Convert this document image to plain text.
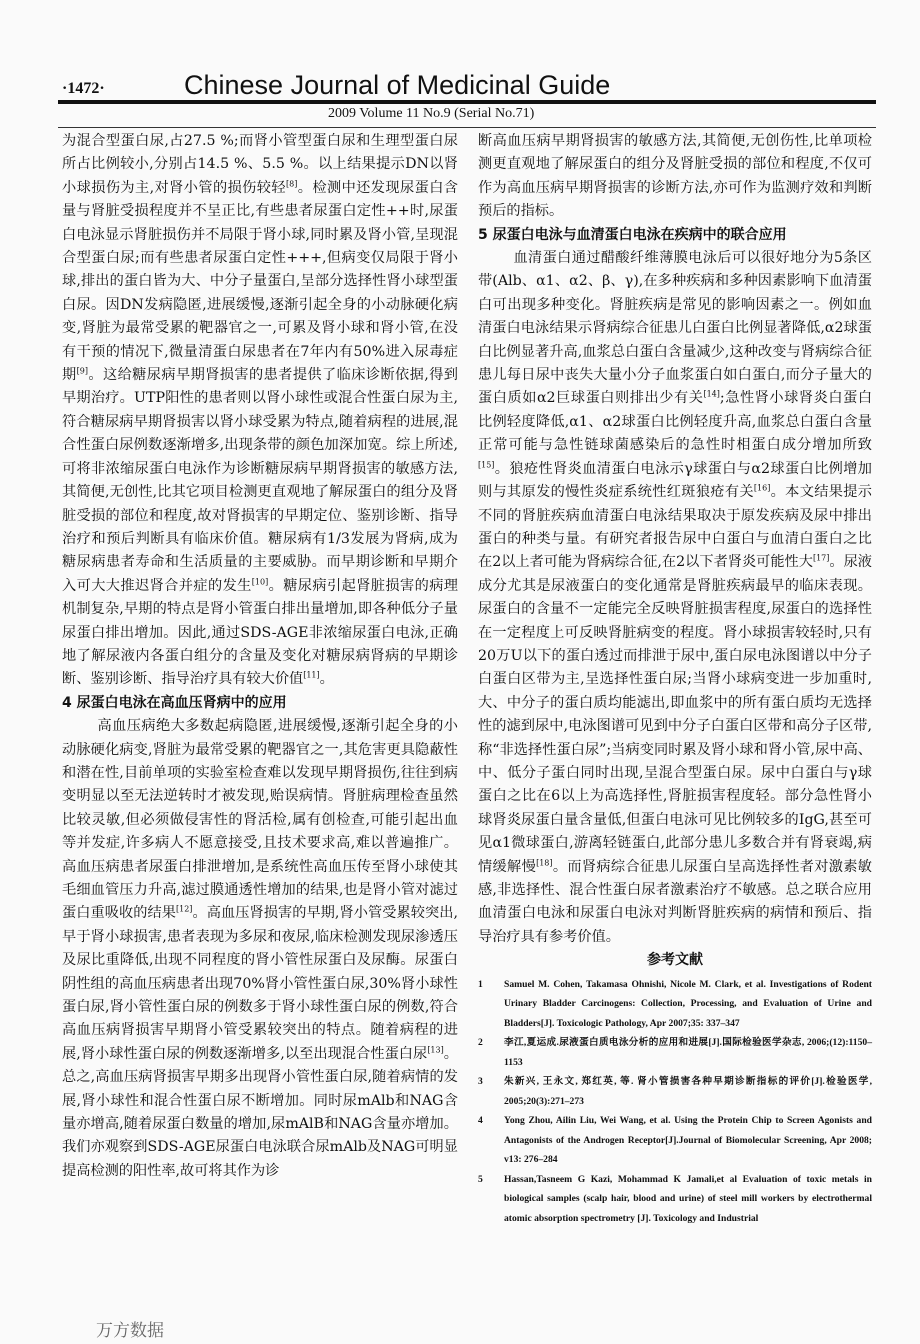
·1472·	Chinese Journal of Medicinal Guide
2009 Volume 11 No.9 (Serial No.71)

为混合型蛋白尿,占27.5 %;而肾小管型蛋白尿和生理型蛋白尿所占比例较小,分别占14.5 %、5.5 %。以上结果提示DN以肾小球损伤为主,对肾小管的损伤较轻[8]。检测中还发现尿蛋白含量与肾脏受损程度并不呈正比,有些患者尿蛋白定性++时,尿蛋白电泳显示肾脏损伤并不局限于肾小球,同时累及肾小管,呈现混合型蛋白尿;而有些患者尿蛋白定性+++,但病变仅局限于肾小球,排出的蛋白皆为大、中分子量蛋白,呈部分选择性肾小球型蛋白尿。因DN发病隐匿,进展缓慢,逐渐引起全身的小动脉硬化病变,肾脏为最常受累的靶器官之一,可累及肾小球和肾小管,在没有干预的情况下,微量清蛋白尿患者在7年内有50%进入尿毒症期[9]。这给糖尿病早期肾损害的患者提供了临床诊断依据,得到早期治疗。UTP阳性的患者则以肾小球性或混合性蛋白尿为主,符合糖尿病早期肾损害以肾小球受累为特点,随着病程的进展,混合性蛋白尿例数逐渐增多,出现条带的颜色加深加宽。综上所述,可将非浓缩尿蛋白电泳作为诊断糖尿病早期肾损害的敏感方法,其简便,无创性,比其它项目检测更直观地了解尿蛋白的组分及肾脏受损的部位和程度,故对肾损害的早期定位、鉴别诊断、指导治疗和预后判断具有临床价值。糖尿病有1/3发展为肾病,成为糖尿病患者寿命和生活质量的主要威胁。而早期诊断和早期介入可大大推迟肾合并症的发生[10]。糖尿病引起肾脏损害的病理机制复杂,早期的特点是肾小管蛋白排出量增加,即各种低分子量尿蛋白排出增加。因此,通过SDS-AGE非浓缩尿蛋白电泳,正确地了解尿液内各蛋白组分的含量及变化对糖尿病肾病的早期诊断、鉴别诊断、指导治疗具有较大价值[11]。

4 尿蛋白电泳在高血压肾病中的应用

高血压病绝大多数起病隐匿,进展缓慢,逐渐引起全身的小动脉硬化病变,肾脏为最常受累的靶器官之一,其危害更具隐蔽性和潜在性,目前单项的实验室检查难以发现早期肾损伤,往往到病变明显以至无法逆转时才被发现,贻误病情。肾脏病理检查虽然比较灵敏,但必须做侵害性的肾活检,属有创检查,可能引起出血等并发症,许多病人不愿意接受,且技术要求高,难以普遍推广。高血压病患者尿蛋白排泄增加,是系统性高血压传至肾小球使其毛细血管压力升高,滤过膜通透性增加的结果,也是肾小管对滤过蛋白重吸收的结果[12]。高血压肾损害的早期,肾小管受累较突出,早于肾小球损害,患者表现为多尿和夜尿,临床检测发现尿渗透压及尿比重降低,出现不同程度的肾小管性尿蛋白及尿酶。尿蛋白阴性组的高血压病患者出现70%肾小管性蛋白尿,30%肾小球性蛋白尿,肾小管性蛋白尿的例数多于肾小球性蛋白尿的例数,符合高血压病肾损害早期肾小管受累较突出的特点。随着病程的进展,肾小球性蛋白尿的例数逐渐增多,以至出现混合性蛋白尿[13]。总之,高血压病肾损害早期多出现肾小管性蛋白尿,随着病情的发展,肾小球性和混合性蛋白尿不断增加。同时尿mAlb和NAG含量亦增高,随着尿蛋白数量的增加,尿mAlB和NAG含量亦增加。我们亦观察到SDS-AGE尿蛋白电泳联合尿mAlb及NAG可明显提高检测的阳性率,故可将其作为诊

断高血压病早期肾损害的敏感方法,其简便,无创伤性,比单项检测更直观地了解尿蛋白的组分及肾脏受损的部位和程度,不仅可作为高血压病早期肾损害的诊断方法,亦可作为监测疗效和判断预后的指标。

5 尿蛋白电泳与血清蛋白电泳在疾病中的联合应用

血清蛋白通过醋酸纤维薄膜电泳后可以很好地分为5条区带(Alb、α1、α2、β、γ),在多种疾病和多种因素影响下血清蛋白可出现多种变化。肾脏疾病是常见的影响因素之一。例如血清蛋白电泳结果示肾病综合征患儿白蛋白比例显著降低,α2球蛋白比例显著升高,血浆总白蛋白含量减少,这种改变与肾病综合征患儿每日尿中丧失大量小分子血浆蛋白如白蛋白,而分子量大的蛋白质如α2巨球蛋白则排出少有关[14];急性肾小球肾炎白蛋白比例轻度降低,α1、α2球蛋白比例轻度升高,血浆总白蛋白含量正常可能与急性链球菌感染后的急性时相蛋白成分增加所致[15]。狼疮性肾炎血清蛋白电泳示γ球蛋白与α2球蛋白比例增加则与其原发的慢性炎症系统性红斑狼疮有关[16]。本文结果提示不同的肾脏疾病血清蛋白电泳结果取决于原发疾病及尿中排出蛋白的种类与量。有研究者报告尿中白蛋白与血清白蛋白之比在2以上者可能为肾病综合征,在2以下者肾炎可能性大[17]。尿液成分尤其是尿液蛋白的变化通常是肾脏疾病最早的临床表现。尿蛋白的含量不一定能完全反映肾脏损害程度,尿蛋白的选择性在一定程度上可反映肾脏病变的程度。肾小球损害较轻时,只有20万U以下的蛋白透过而排泄于尿中,蛋白尿电泳图谱以中分子白蛋白区带为主,呈选择性蛋白尿;当肾小球病变进一步加重时,大、中分子的蛋白质均能滤出,即血浆中的所有蛋白质均无选择性的滤到尿中,电泳图谱可见到中分子白蛋白区带和高分子区带,称“非选择性蛋白尿”;当病变同时累及肾小球和肾小管,尿中高、中、低分子蛋白同时出现,呈混合型蛋白尿。尿中白蛋白与γ球蛋白之比在6以上为高选择性,肾脏损害程度轻。部分急性肾小球肾炎尿蛋白量含量低,但蛋白电泳可见比例较多的IgG,甚至可见α1微球蛋白,游离轻链蛋白,此部分患儿多数合并有肾衰竭,病情缓解慢[18]。而肾病综合征患儿尿蛋白呈高选择性者对激素敏感,非选择性、混合性蛋白尿者激素治疗不敏感。总之联合应用血清蛋白电泳和尿蛋白电泳对判断肾脏疾病的病情和预后、指导治疗具有参考价值。

参考文献
1	Samuel M. Cohen, Takamasa Ohnishi, Nicole M. Clark, et al. Investigations of Rodent Urinary Bladder Carcinogens: Collection, Processing, and Evaluation of Urine and Bladders[J]. Toxicologic Pathology, Apr 2007;35: 337–347
2	李江,夏运成.尿液蛋白质电泳分析的应用和进展[J].国际检验医学杂志, 2006;(12):1150–1153
3	朱新兴, 王永文, 郑红英, 等. 肾小管损害各种早期诊断指标的评价[J].检验医学, 2005;20(3):271–273
4	Yong Zhou, Ailin Liu, Wei Wang, et al. Using the Protein Chip to Screen Agonists and Antagonists of the Androgen Receptor[J].Journal of Biomolecular Screening, Apr 2008; v13: 276–284
5	Hassan,Tasneem G Kazi, Mohammad K Jamali,et al Evaluation of toxic metals in biological samples (scalp hair, blood and urine) of steel mill workers by electrothermal atomic absorption spectrometry [J]. Toxicology and Industrial
万方数据
